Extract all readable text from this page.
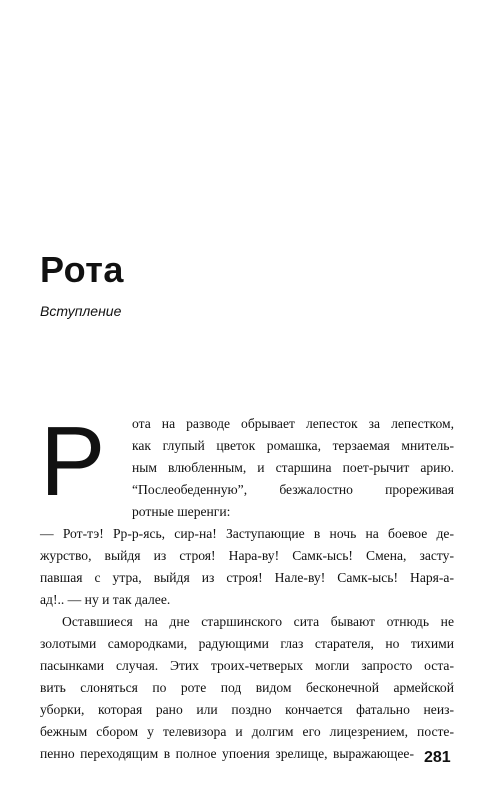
Рота

Вступление

Р ота на разводе обрывает лепесток за лепестком,

как глупый цветок ромашка, терзаемая мнитель-

ным влюбленным, и старшина поет-рычит арию.

“Послеобеденную”, безжалостно прореживая

ротные шеренги:

— Рот-тэ! Рр-р-ясь, сир-на! Заступающие в ночь на боевое де-

журство, выйдя из строя! Нара-ву! Самк-ысь! Смена, засту-

павшая с утра, выйдя из строя! Нале-ву! Самк-ысь! Наря-а-

ад!.. — ну и так далее.

Оставшиеся на дне старшинского сита бывают отнюдь не

золотыми самородками, радующими глаз старателя, но тихими

пасынками случая. Этих троих-четверых могли запросто оста-

вить слоняться по роте под видом бесконечной армейской

уборки, которая рано или поздно кончается фатально неиз-

бежным сбором у телевизора и долгим его лицезрением, посте-

пенно переходящим в полное упоения зрелище, выражающее- 281
